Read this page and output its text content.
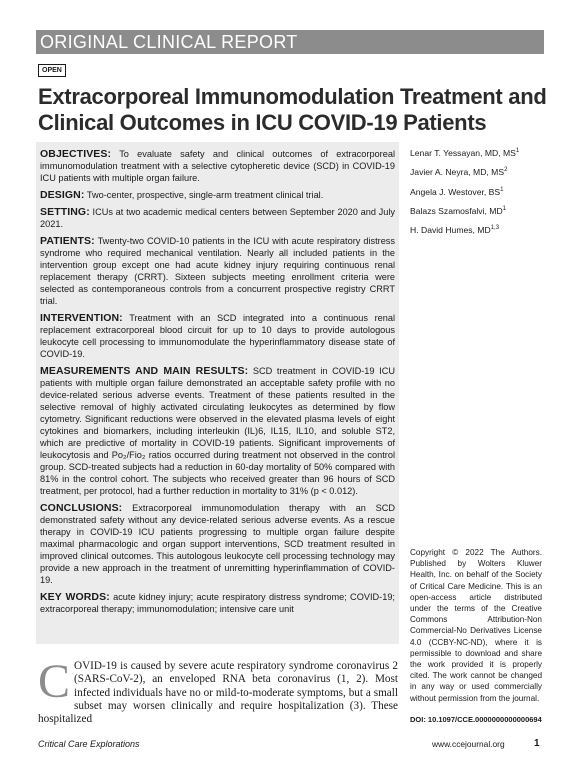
ORIGINAL CLINICAL REPORT
OPEN
Extracorporeal Immunomodulation Treatment and Clinical Outcomes in ICU COVID-19 Patients

OBJECTIVES: To evaluate safety and clinical outcomes of extracorporeal immunomodulation treatment with a selective cytopheretic device (SCD) in COVID-19 ICU patients with multiple organ failure.

DESIGN: Two-center, prospective, single-arm treatment clinical trial.

SETTING: ICUs at two academic medical centers between September 2020 and July 2021.

PATIENTS: Twenty-two COVID-10 patients in the ICU with acute respiratory distress syndrome who required mechanical ventilation. Nearly all included patients in the intervention group except one had acute kidney injury requiring continuous renal replacement therapy (CRRT). Sixteen subjects meeting enrollment criteria were selected as contemporaneous controls from a concurrent prospective registry CRRT trial.

INTERVENTION: Treatment with an SCD integrated into a continuous renal replacement extracorporeal blood circuit for up to 10 days to provide autologous leukocyte cell processing to immunomodulate the hyperinflammatory disease state of COVID-19.

MEASUREMENTS AND MAIN RESULTS: SCD treatment in COVID-19 ICU patients with multiple organ failure demonstrated an acceptable safety profile with no device-related serious adverse events. Treatment of these patients resulted in the selective removal of highly activated circulating leukocytes as determined by flow cytometry. Significant reductions were observed in the elevated plasma levels of eight cytokines and biomarkers, including interleukin (IL)6, IL15, IL10, and soluble ST2, which are predictive of mortality in COVID-19 patients. Significant improvements of leukocytosis and Po₂/Fio₂ ratios occurred during treatment not observed in the control group. SCD-treated subjects had a reduction in 60-day mortality of 50% compared with 81% in the control cohort. The subjects who received greater than 96 hours of SCD treatment, per protocol, had a further reduction in mortality to 31% (p < 0.012).

CONCLUSIONS: Extracorporeal immunomodulation therapy with an SCD demonstrated safety without any device-related serious adverse events. As a rescue therapy in COVID-19 ICU patients progressing to multiple organ failure despite maximal pharmacologic and organ support interventions, SCD treatment resulted in improved clinical outcomes. This autologous leukocyte cell processing technology may provide a new approach in the treatment of unremitting hyperinflammation of COVID-19.

KEY WORDS: acute kidney injury; acute respiratory distress syndrome; COVID-19; extracorporeal therapy; immunomodulation; intensive care unit

Lenar T. Yessayan, MD, $MS^1$
Javier A. Neyra, MD, $MS^2$
Angela J. Westover, $BS^1$
Balazs Szamosfalvi, $MD^1$
H. David Humes, MD$^{1,3}$
Copyright © 2022 The Authors. Published by Wolters Kluwer Health, Inc. on behalf of the Society of Critical Care Medicine. This is an open-access article distributed under the terms of the Creative Commons Attribution-Non Commercial-No Derivatives License 4.0 (CCBY-NC-ND), where it is permissible to download and share the work provided it is properly cited. The work cannot be changed in any way or used commercially without permission from the journal.
DOI: 10.1097/CCE.0000000000000694
C OVID-19 is caused by severe acute respiratory syndrome coronavirus 2 (SARS-CoV-2), an enveloped RNA beta coronavirus (1, 2). Most infected individuals have no or mild-to-moderate symptoms, but a small subset may worsen clinically and require hospitalization (3). These hospitalized
Critical Care Explorations	www.ccejournal.org	1
